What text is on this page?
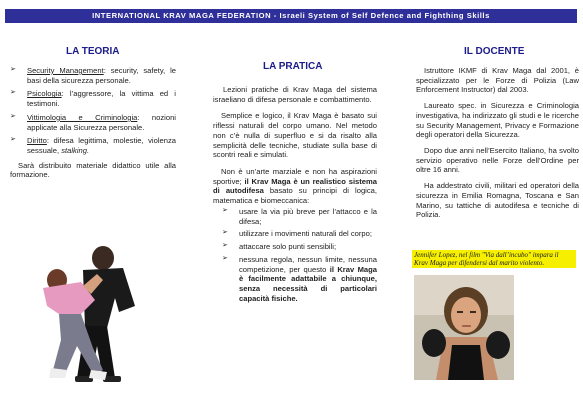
INTERNATIONAL KRAV MAGA FEDERATION - Israeli System of Self Defence and Fighthing Skills
LA TEORIA
➢ Security Management: security, safety, le basi della sicurezza personale.
➢ Psicologia: l’aggressore, la vittima ed i testimoni.
➢ Vittimologia e Criminologia: nozioni applicate alla Sicurezza personale.
➢ Diritto: difesa legittima, molestie, violenza sessuale, stalking.

Sarà distribuito materiale didattico utile alla formazione.

LA PRATICA

Lezioni pratiche di Krav Maga del sistema israeliano di difesa personale e combattimento.

Semplice e logico, il Krav Maga è basato sui riflessi naturali del corpo umano. Nel metodo non c’è nulla di superfluo e si da risalto alla semplicità delle tecniche, studiate sulla base di scontri reali e simulati.

Non è un’arte marziale e non ha aspirazioni sportive; il Krav Maga è un realistico sistema di autodifesa basato su principi di logica, matematica e biomeccanica:

➢ usare la via più breve per l’attacco e la difesa;
➢ utilizzare i movimenti naturali del corpo;
➢ attaccare solo punti sensibili;
➢ nessuna regola, nessun limite, nessuna competizione, per questo il Krav Maga è facilmente adattabile a chiunque, senza necessità di particolari capacità fisiche.
IL DOCENTE

Istruttore IKMF di Krav Maga dal 2001, è specializzato per le Forze di Polizia (Law Enforcement Instructor) dal 2003.

Laureato spec. in Sicurezza e Criminologia investigativa, ha indirizzato gli studi e le ricerche su Security Management, Privacy e Formazione degli operatori della Sicurezza.

Dopo due anni nell’Esercito Italiano, ha svolto servizio operativo nelle Forze dell’Ordine per oltre 16 anni.

Ha addestrato civili, militari ed operatori della sicurezza in Emilia Romagna, Toscana e San Marino, su tattiche di autodifesa e tecniche di Polizia.

Jennifer Lopez, nel film "Via dall’incubo" impara il Krav Maga per difendersi dal marito violento.
